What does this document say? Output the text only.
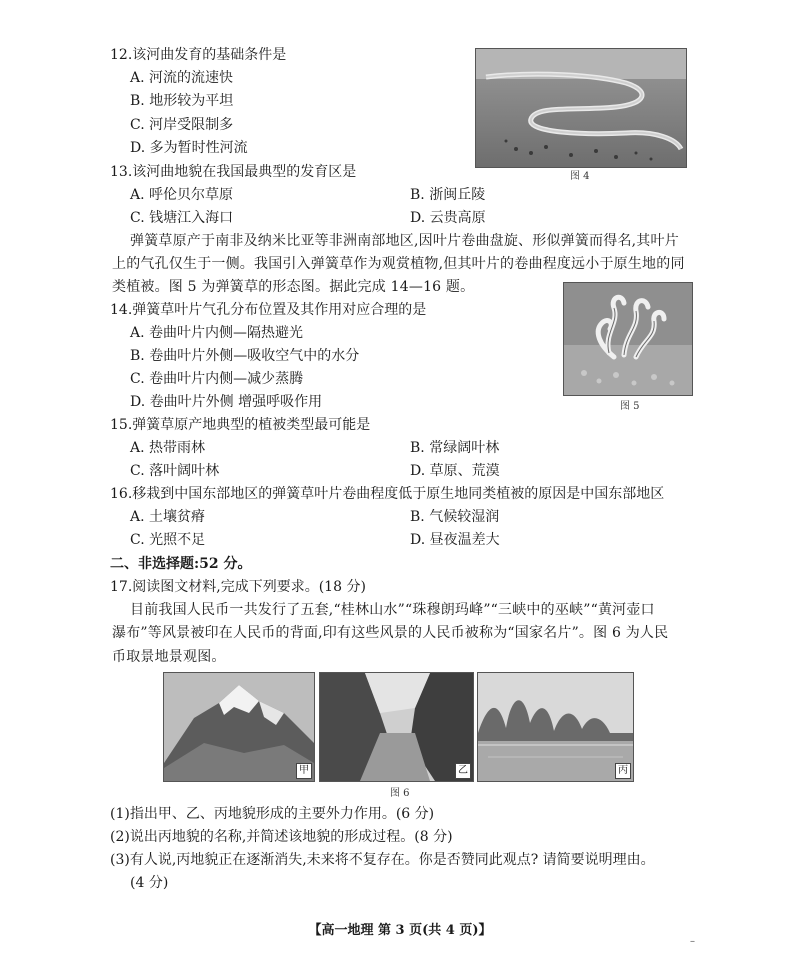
12.该河曲发育的基础条件是
A. 河流的流速快
B. 地形较为平坦
C. 河岸受限制多
D. 多为暂时性河流
图 4
13.该河曲地貌在我国最典型的发育区是
A. 呼伦贝尔草原	B. 浙闽丘陵
C. 钱塘江入海口	D. 云贵高原
弹簧草原产于南非及纳米比亚等非洲南部地区,因叶片卷曲盘旋、形似弹簧而得名,其叶片
上的气孔仅生于一侧。我国引入弹簧草作为观赏植物,但其叶片的卷曲程度远小于原生地的同
类植被。图 5 为弹簧草的形态图。据此完成 14—16 题。
图 5
14.弹簧草叶片气孔分布位置及其作用对应合理的是
A. 卷曲叶片内侧—隔热避光
B. 卷曲叶片外侧—吸收空气中的水分
C. 卷曲叶片内侧—减少蒸腾
D. 卷曲叶片外侧 增强呼吸作用
15.弹簧草原产地典型的植被类型最可能是
A. 热带雨林	B. 常绿阔叶林
C. 落叶阔叶林	D. 草原、荒漠
16.移栽到中国东部地区的弹簧草叶片卷曲程度低于原生地同类植被的原因是中国东部地区
A. 土壤贫瘠	B. 气候较湿润
C. 光照不足	D. 昼夜温差大
二、非选择题:52 分。
17.阅读图文材料,完成下列要求。(18 分)
目前我国人民币一共发行了五套,“桂林山水”“珠穆朗玛峰”“三峡中的巫峡”“黄河壶口
瀑布”等风景被印在人民币的背面,印有这些风景的人民币被称为“国家名片”。图 6 为人民
币取景地景观图。
甲	乙	丙
图 6
(1)指出甲、乙、丙地貌形成的主要外力作用。(6 分)
(2)说出丙地貌的名称,并简述该地貌的形成过程。(8 分)
(3)有人说,丙地貌正在逐渐消失,未来将不复存在。你是否赞同此观点? 请简要说明理由。
(4 分)
【高一地理 第 3 页(共 4 页)】
–
